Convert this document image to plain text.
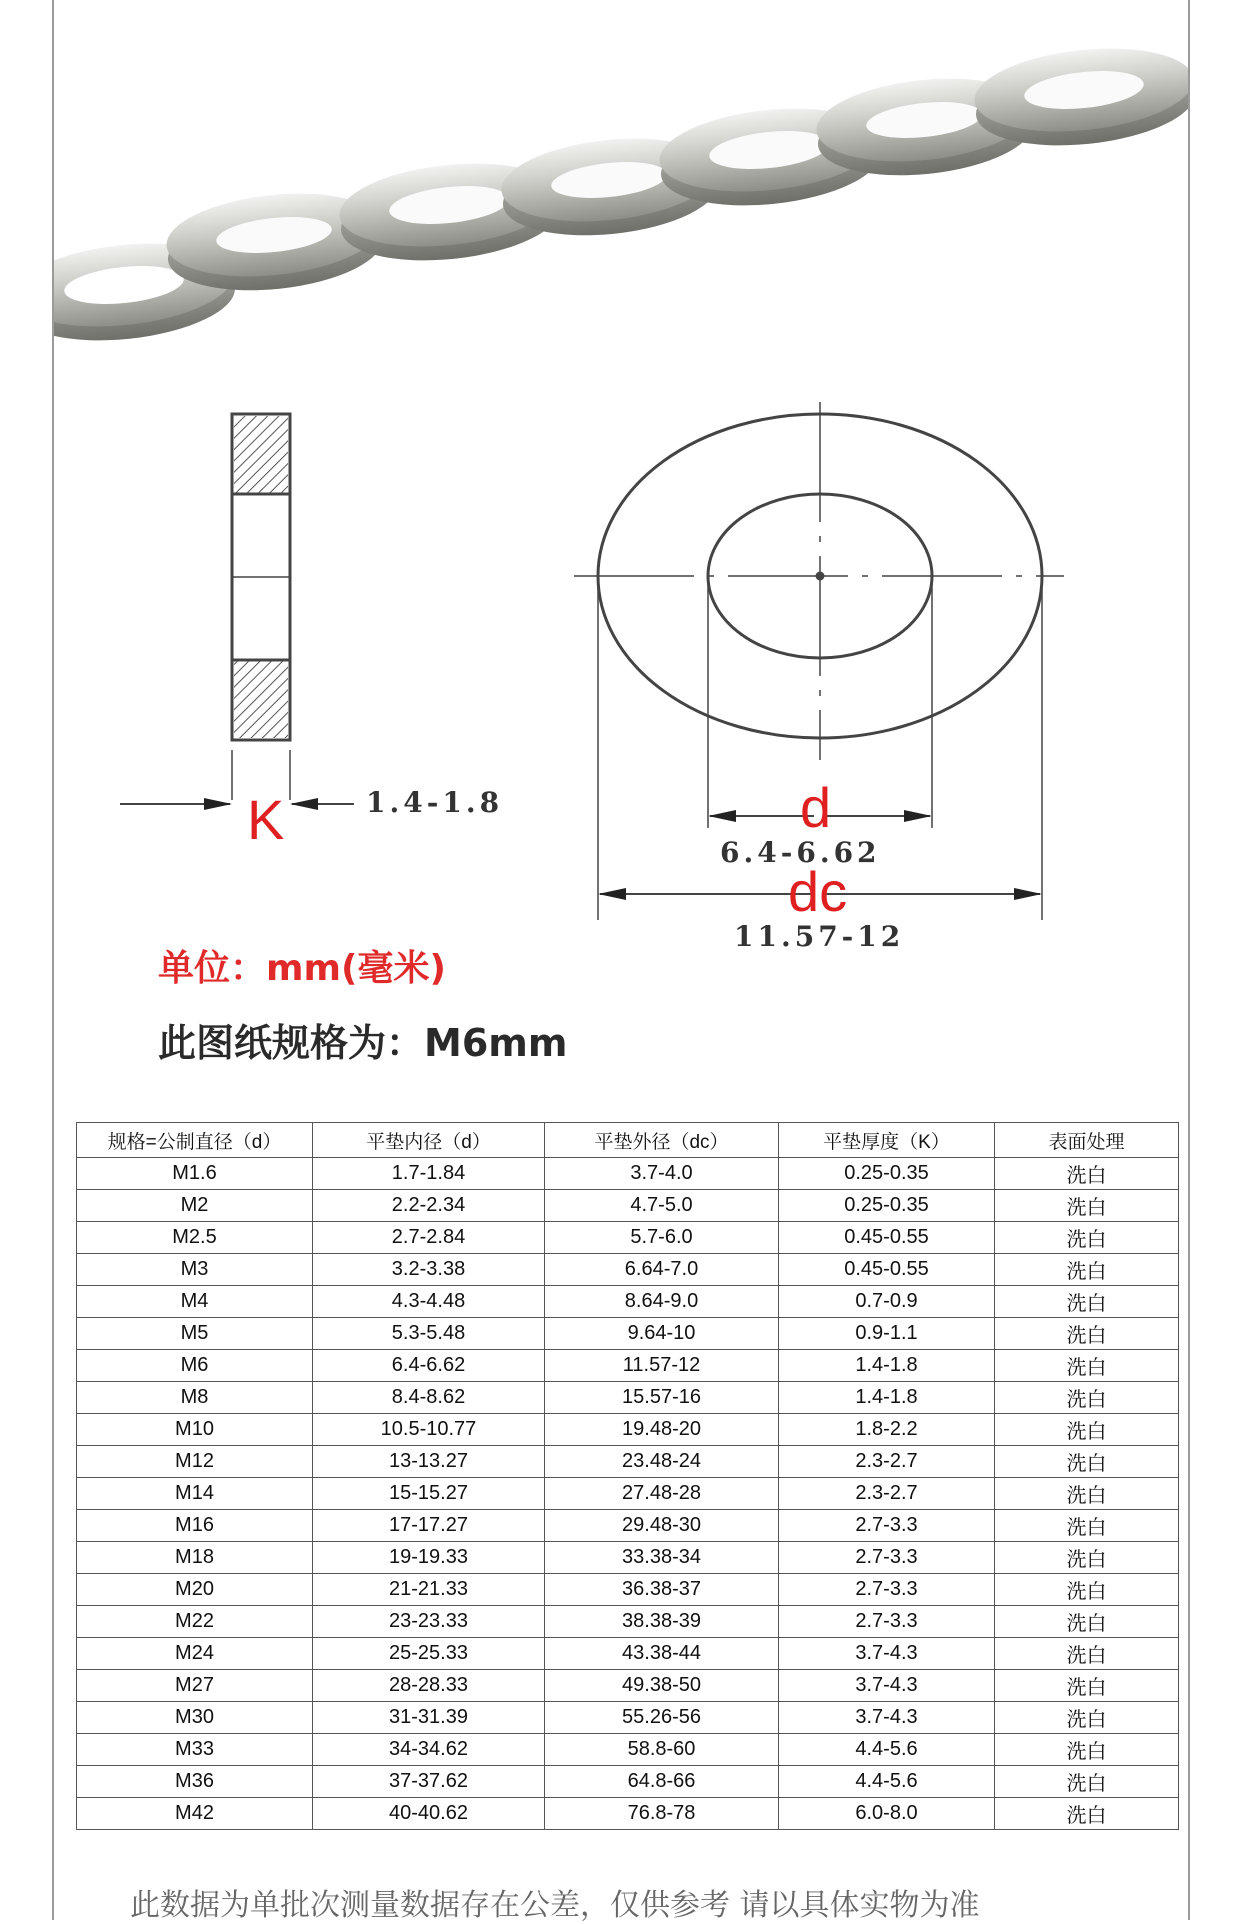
K	1.4-1.8	d
6.4-6.62
dc
11.57-12
单位：mm(毫米)
此图纸规格为：M6mm
规格=公制直径（d）	平垫内径（d）	平垫外径（dc）	平垫厚度（K）	表面处理
M1.6	1.7-1.84	3.7-4.0	0.25-0.35	洗白
M2	2.2-2.34	4.7-5.0	0.25-0.35	洗白
M2.5	2.7-2.84	5.7-6.0	0.45-0.55	洗白
M3	3.2-3.38	6.64-7.0	0.45-0.55	洗白
M4	4.3-4.48	8.64-9.0	0.7-0.9	洗白
M5	5.3-5.48	9.64-10	0.9-1.1	洗白
M6	6.4-6.62	11.57-12	1.4-1.8	洗白
M8	8.4-8.62	15.57-16	1.4-1.8	洗白
M10	10.5-10.77	19.48-20	1.8-2.2	洗白
M12	13-13.27	23.48-24	2.3-2.7	洗白
M14	15-15.27	27.48-28	2.3-2.7	洗白
M16	17-17.27	29.48-30	2.7-3.3	洗白
M18	19-19.33	33.38-34	2.7-3.3	洗白
M20	21-21.33	36.38-37	2.7-3.3	洗白
M22	23-23.33	38.38-39	2.7-3.3	洗白
M24	25-25.33	43.38-44	3.7-4.3	洗白
M27	28-28.33	49.38-50	3.7-4.3	洗白
M30	31-31.39	55.26-56	3.7-4.3	洗白
M33	34-34.62	58.8-60	4.4-5.6	洗白
M36	37-37.62	64.8-66	4.4-5.6	洗白
M42	40-40.62	76.8-78	6.0-8.0	洗白
此数据为单批次测量数据存在公差，仅供参考 请以具体实物为准
